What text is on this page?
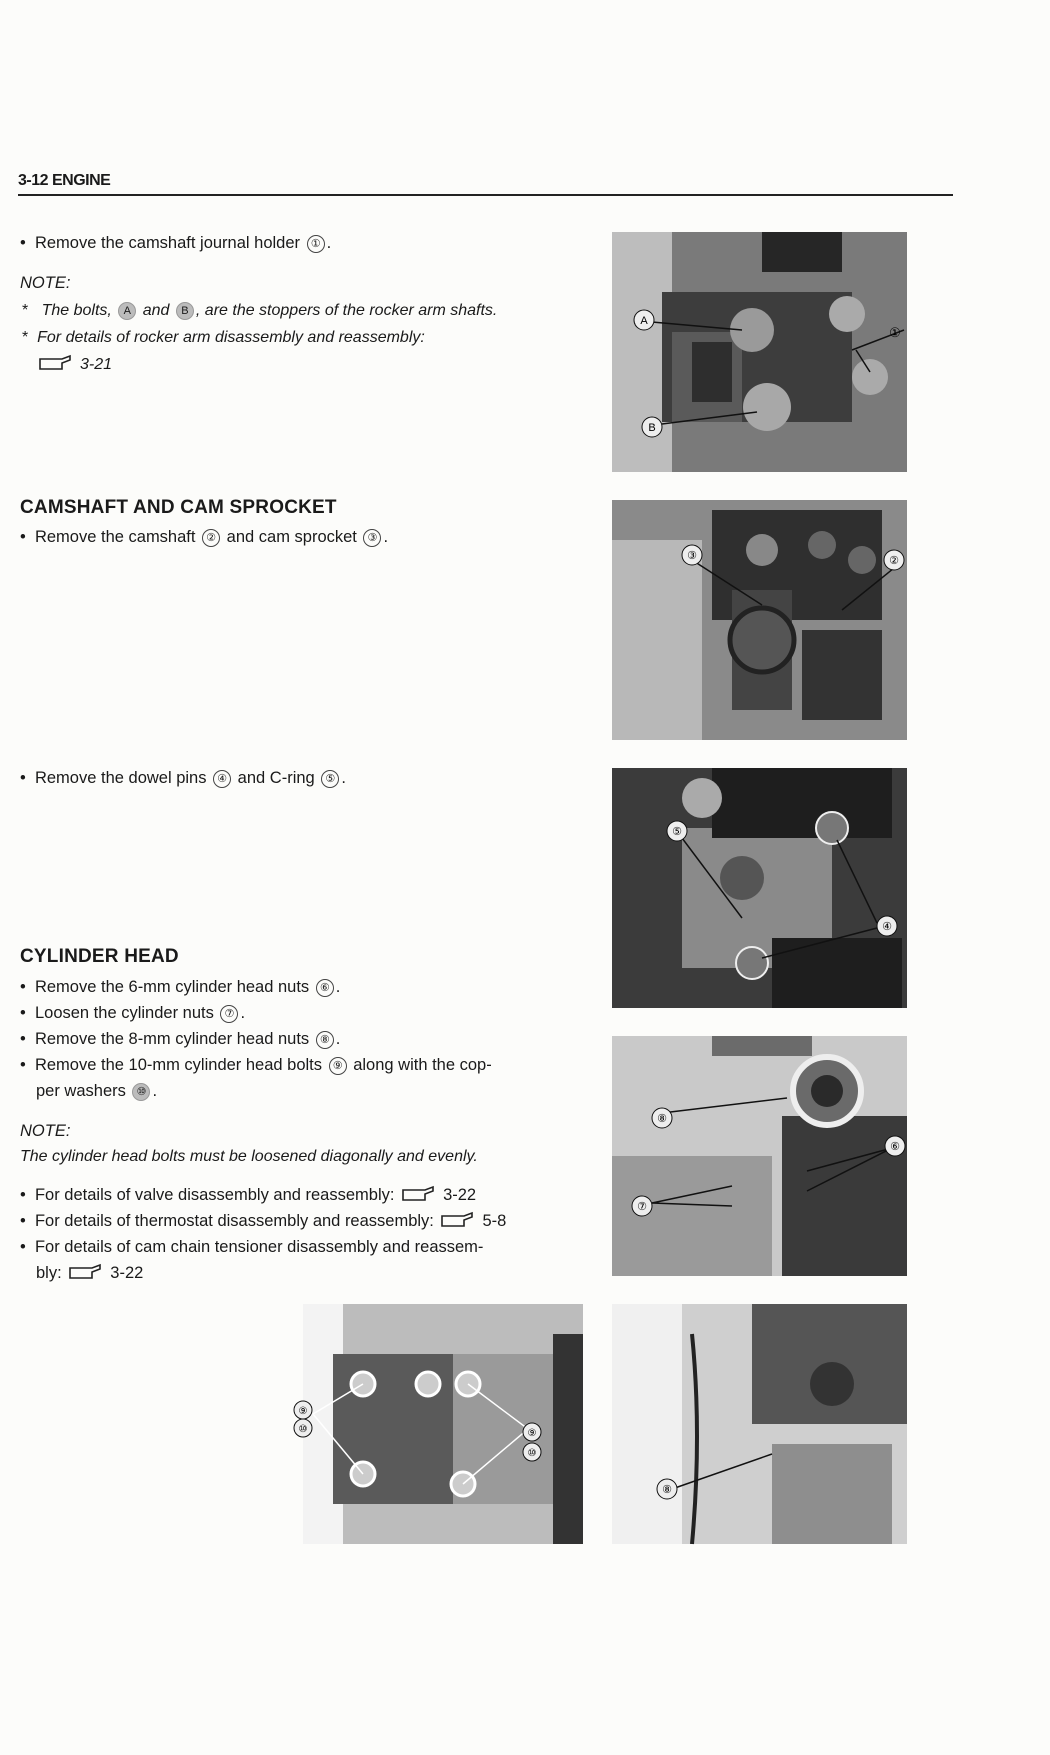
3-12 ENGINE
• Remove the camshaft journal holder ① .
NOTE:
*  The bolts, A and B , are the stoppers of the rocker arm shafts.
*  For details of rocker arm disassembly and reassembly:
3-21
CAMSHAFT AND CAM SPROCKET
• Remove the camshaft ② and cam sprocket ③ .
• Remove the dowel pins ④ and C-ring ⑤ .
CYLINDER HEAD
• Remove the 6-mm cylinder head nuts ⑥ .
• Loosen the cylinder nuts ⑦ .
• Remove the 8-mm cylinder head nuts ⑧ .
• Remove the 10-mm cylinder head bolts ⑨ along with the cop-
per washers ⑩ .
NOTE:
The cylinder head bolts must be loosened diagonally and evenly.
• For details of valve disassembly and reassembly:	3-22
• For details of thermostat disassembly and reassembly:	5-8
• For details of cam chain tensioner disassembly and reassem-
bly:	3-22
A
B
①
③	②
⑤
④
⑧
⑦
⑥
⑨
⑩	⑨
⑩
⑧
